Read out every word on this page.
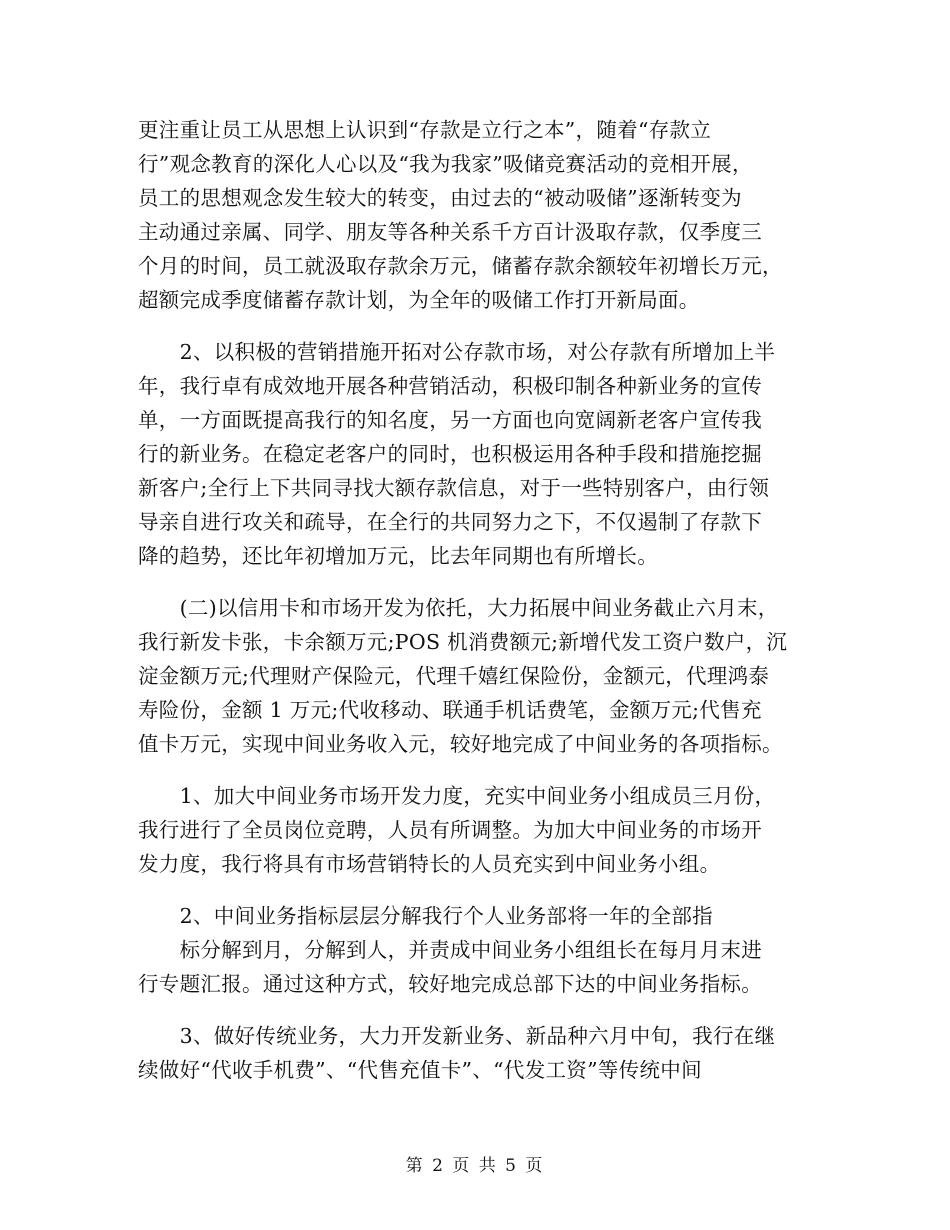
更注重让员工从思想上认识到“存款是立行之本”，随着“存款立
行”观念教育的深化人心以及“我为我家”吸储竞赛活动的竞相开展，
员工的思想观念发生较大的转变，由过去的“被动吸储”逐渐转变为
主动通过亲属、同学、朋友等各种关系千方百计汲取存款，仅季度三
个月的时间，员工就汲取存款余万元，储蓄存款余额较年初增长万元，
超额完成季度储蓄存款计划，为全年的吸储工作打开新局面。
　　2、以积极的营销措施开拓对公存款市场，对公存款有所增加上半
年，我行卓有成效地开展各种营销活动，积极印制各种新业务的宣传
单，一方面既提高我行的知名度，另一方面也向宽阔新老客户宣传我
行的新业务。在稳定老客户的同时，也积极运用各种手段和措施挖掘
新客户;全行上下共同寻找大额存款信息，对于一些特别客户，由行领
导亲自进行攻关和疏导，在全行的共同努力之下，不仅遏制了存款下
降的趋势，还比年初增加万元，比去年同期也有所增长。
　　(二)以信用卡和市场开发为依托，大力拓展中间业务截止六月末，
我行新发卡张，卡余额万元;POS 机消费额元;新增代发工资户数户，沉
淀金额万元;代理财产保险元，代理千嬉红保险份，金额元，代理鸿泰
寿险份，金额 1 万元;代收移动、联通手机话费笔，金额万元;代售充
值卡万元，实现中间业务收入元，较好地完成了中间业务的各项指标。
　　1、加大中间业务市场开发力度，充实中间业务小组成员三月份，
我行进行了全员岗位竞聘，人员有所调整。为加大中间业务的市场开
发力度，我行将具有市场营销特长的人员充实到中间业务小组。
　　2、中间业务指标层层分解我行个人业务部将一年的全部指
　　标分解到月，分解到人，并责成中间业务小组组长在每月月末进
行专题汇报。通过这种方式，较好地完成总部下达的中间业务指标。
　　3、做好传统业务，大力开发新业务、新品种六月中旬，我行在继
续做好“代收手机费”、“代售充值卡”、“代发工资”等传统中间
第 2 页 共 5 页
